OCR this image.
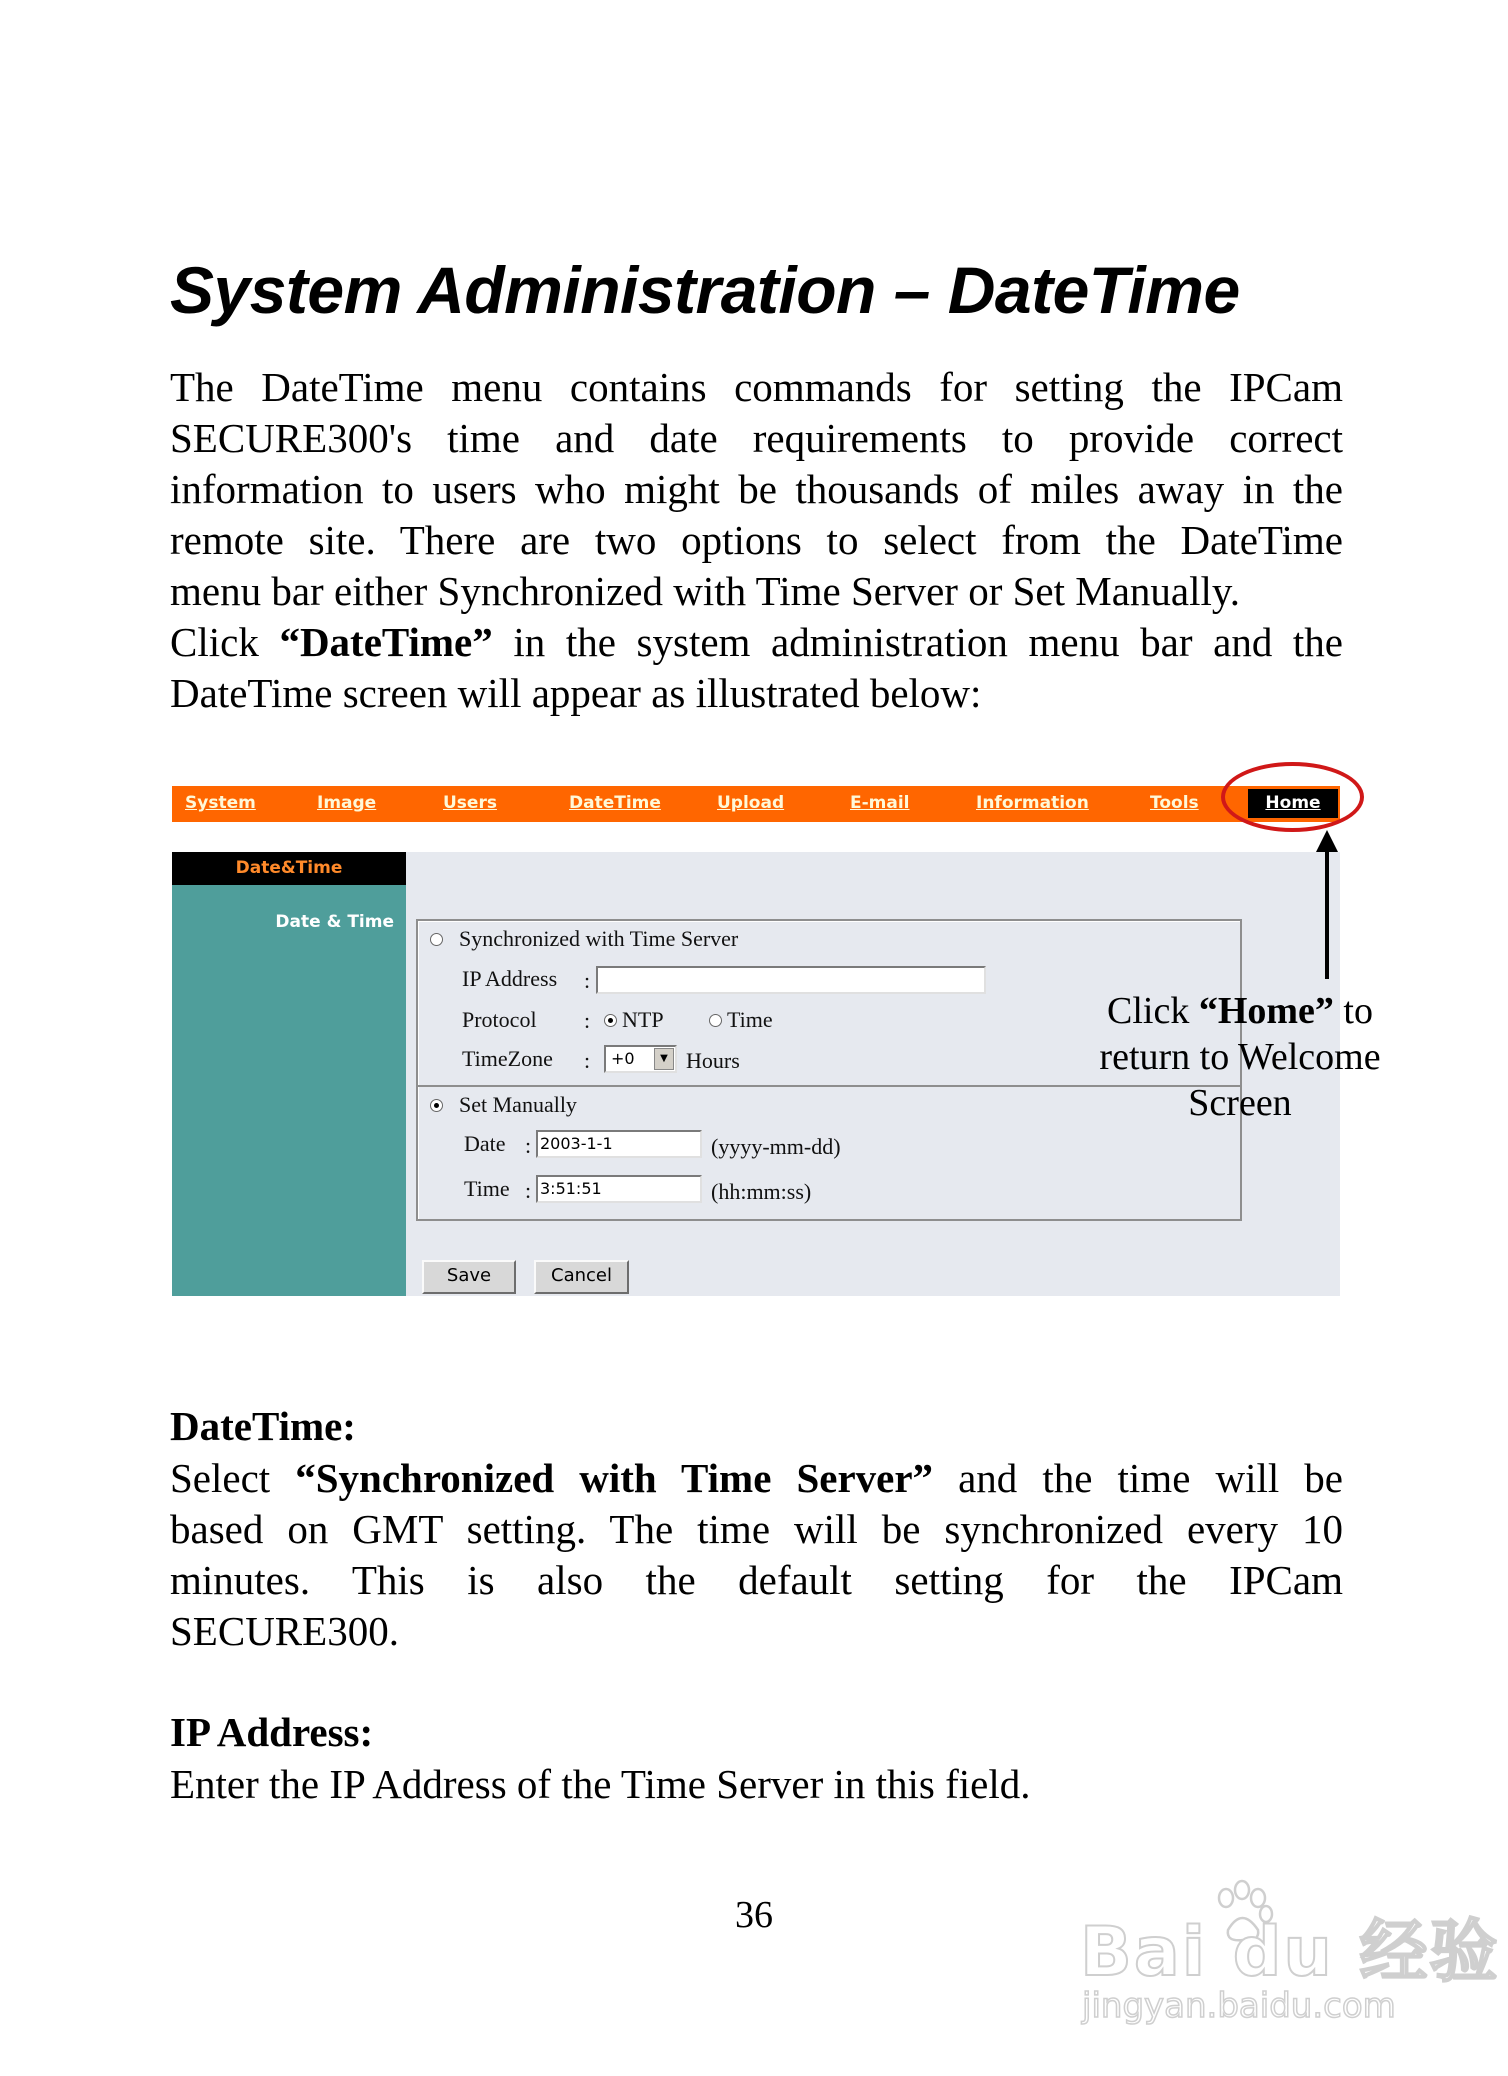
System Administration – DateTime
The DateTime menu contains commands for setting the IPCam
SECURE300's time and date requirements to provide correct
information to users who might be thousands of miles away in the
remote site. There are two options to select from the DateTime
menu bar either Synchronized with Time Server or Set Manually.
Click “DateTime” in the system administration menu bar and the
DateTime screen will appear as illustrated below:
System	Image	Users	DateTime	Upload	E-mail	Information	Tools	Home
Date&Time
Date & Time
Synchronized with Time Server
IP Address :
Protocol : NTP	Time
TimeZone :	+0	▼ Hours
Set Manually
Date : 2003-1-1	(yyyy-mm-dd)
Time : 3:51:51	(hh:mm:ss)
Save	Cancel
Click “Home” to
return to Welcome
Screen
DateTime:
Select “Synchronized with Time Server” and the time will be
based on GMT setting. The time will be synchronized every 10
minutes. This is also the default setting for the IPCam
SECURE300.
IP Address:
Enter the IP Address of the Time Server in this field.
36	Bai du 经验
jingyan.baidu.com
